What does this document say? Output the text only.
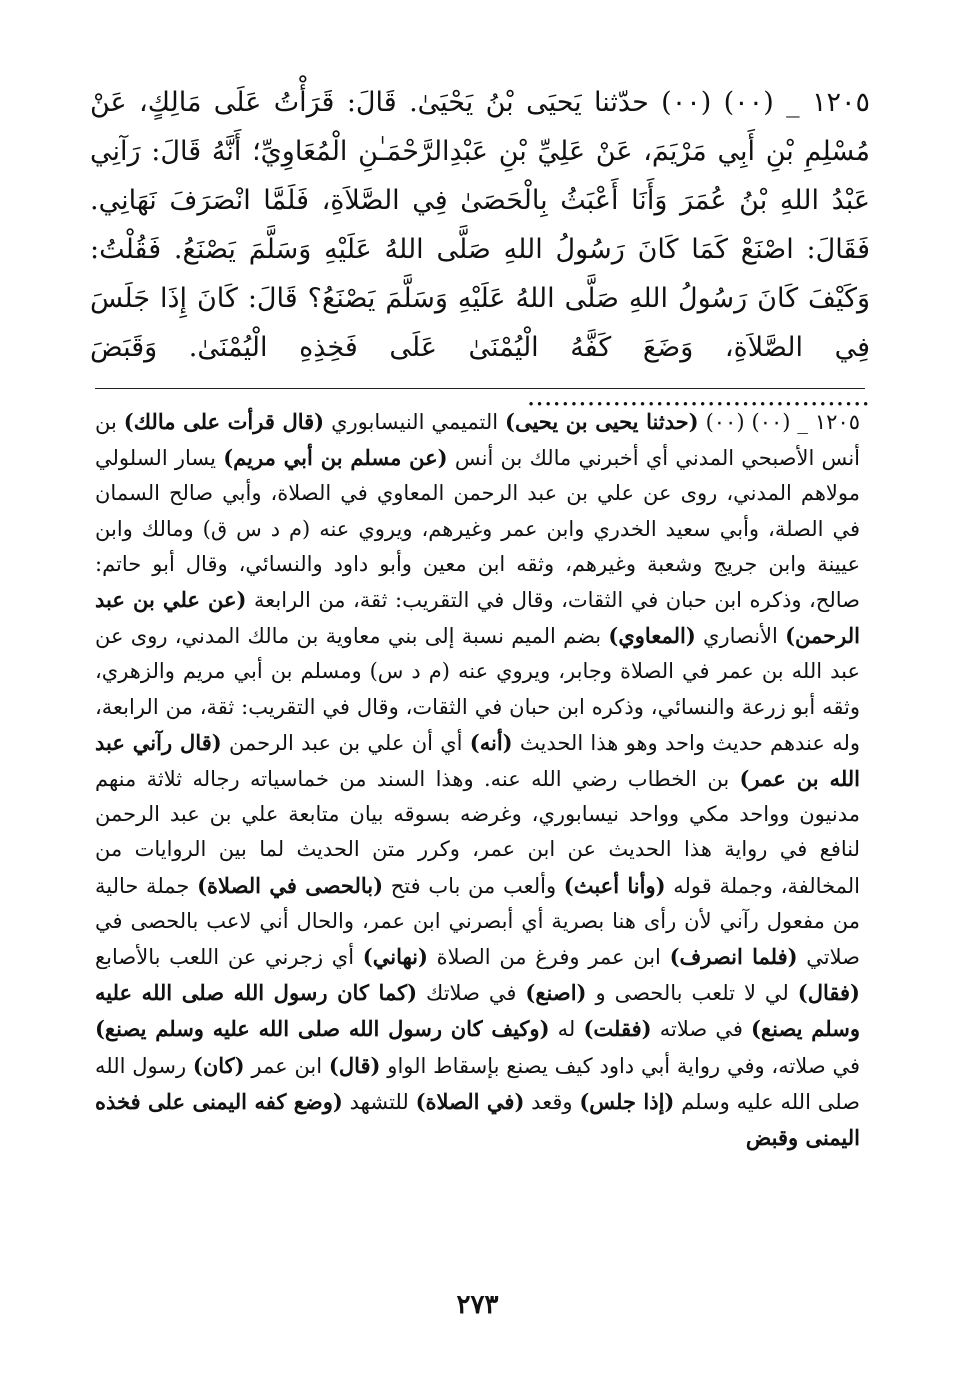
١٢٠٥ _ (٠٠) (٠٠) حدّثنا يَحيَى بْنُ يَحْيَىٰ. قَالَ: قَرَأْتُ عَلَى مَالِكٍ، عَنْ مُسْلِمِ بْنِ أَبِي مَرْيَمَ، عَنْ عَلِيِّ بْنِ عَبْدِالرَّحْمَـٰنِ الْمُعَاوِيِّ؛ أَنَّهُ قَالَ: رَآنِي عَبْدُ اللهِ بْنُ عُمَرَ وَأَنَا أَعْبَثُ بِالْحَصَىٰ فِي الصَّلاَةِ، فَلَمَّا انْصَرَفَ نَهَانِي. فَقَالَ: اصْنَعْ كَمَا كَانَ رَسُولُ اللهِ صَلَّى اللهُ عَلَيْهِ وَسَلَّمَ يَصْنَعُ. فَقُلْتُ: وَكَيْفَ كَانَ رَسُولُ اللهِ صَلَّى اللهُ عَلَيْهِ وَسَلَّمَ يَصْنَعُ؟ قَالَ: كَانَ إِذَا جَلَسَ فِي الصَّلاَةِ، وَضَعَ كَفَّهُ الْيُمْنَىٰ عَلَى فَخِذِهِ الْيُمْنَىٰ. وَقَبَضَ ........................................

١٢٠٥ _ (٠٠) (٠٠) (حدثنا يحيى بن يحيى) التميمي النيسابوري (قال قرأت على مالك) بن أنس الأصبحي المدني أي أخبرني مالك بن أنس (عن مسلم بن أبي مريم) يسار السلولي مولاهم المدني، روى عن علي بن عبد الرحمن المعاوي في الصلاة، وأبي صالح السمان في الصلة، وأبي سعيد الخدري وابن عمر وغيرهم، ويروي عنه (م د س ق) ومالك وابن عيينة وابن جريج وشعبة وغيرهم، وثقه ابن معين وأبو داود والنسائي، وقال أبو حاتم: صالح، وذكره ابن حبان في الثقات، وقال في التقريب: ثقة، من الرابعة (عن علي بن عبد الرحمن) الأنصاري (المعاوي) بضم الميم نسبة إلى بني معاوية بن مالك المدني، روى عن عبد الله بن عمر في الصلاة وجابر، ويروي عنه (م د س) ومسلم بن أبي مريم والزهري، وثقه أبو زرعة والنسائي، وذكره ابن حبان في الثقات، وقال في التقريب: ثقة، من الرابعة، وله عندهم حديث واحد وهو هذا الحديث (أنه) أي أن علي بن عبد الرحمن (قال رآني عبد الله بن عمر) بن الخطاب رضي الله عنه. وهذا السند من خماسياته رجاله ثلاثة منهم مدنيون وواحد مكي وواحد نيسابوري، وغرضه بسوقه بيان متابعة علي بن عبد الرحمن لنافع في رواية هذا الحديث عن ابن عمر، وكرر متن الحديث لما بين الروايات من المخالفة، وجملة قوله (وأنا أعبث) وألعب من باب فتح (بالحصى في الصلاة) جملة حالية من مفعول رآني لأن رأى هنا بصرية أي أبصرني ابن عمر، والحال أني لاعب بالحصى في صلاتي (فلما انصرف) ابن عمر وفرغ من الصلاة (نهاني) أي زجرني عن اللعب بالأصابع (فقال) لي لا تلعب بالحصى و (اصنع) في صلاتك (كما كان رسول الله صلى الله عليه وسلم يصنع) في صلاته (فقلت) له (وكيف كان رسول الله صلى الله عليه وسلم يصنع) في صلاته، وفي رواية أبي داود كيف يصنع بإسقاط الواو (قال) ابن عمر (كان) رسول الله صلى الله عليه وسلم (إذا جلس) وقعد (في الصلاة) للتشهد (وضع كفه اليمنى على فخذه اليمنى وقبض

٢٧٣
